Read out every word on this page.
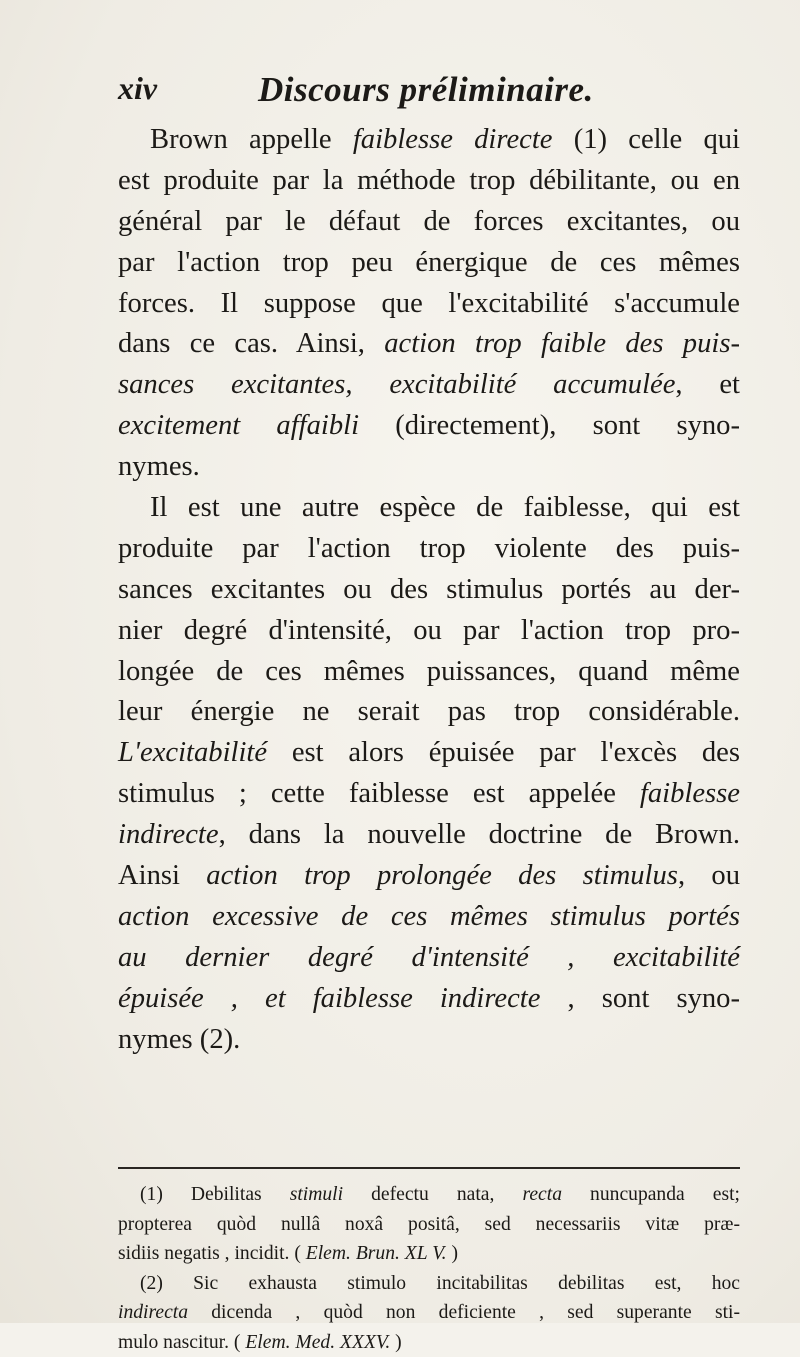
xiv	Discours préliminaire.
Brown appelle faiblesse directe (1) celle qui
est produite par la méthode trop débilitante, ou en
général par le défaut de forces excitantes, ou
par l'action trop peu énergique de ces mêmes
forces. Il suppose que l'excitabilité s'accumule
dans ce cas. Ainsi, action trop faible des puis-
sances excitantes, excitabilité accumulée, et
excitement affaibli (directement), sont syno-
nymes.
Il est une autre espèce de faiblesse, qui est
produite par l'action trop violente des puis-
sances excitantes ou des stimulus portés au der-
nier degré d'intensité, ou par l'action trop pro-
longée de ces mêmes puissances, quand même
leur énergie ne serait pas trop considérable.
L'excitabilité est alors épuisée par l'excès des
stimulus ; cette faiblesse est appelée faiblesse
indirecte, dans la nouvelle doctrine de Brown.
Ainsi action trop prolongée des stimulus, ou
action excessive de ces mêmes stimulus portés
au dernier degré d'intensité , excitabilité
épuisée , et faiblesse indirecte , sont syno-
nymes (2).
(1) Debilitas stimuli defectu nata, recta nuncupanda est;
propterea quòd nullâ noxâ positâ, sed necessariis vitæ præ-
sidiis negatis , incidit. ( Elem. Brun. XL V. )
(2) Sic exhausta stimulo incitabilitas debilitas est, hoc
indirecta dicenda , quòd non deficiente , sed superante sti-
mulo nascitur. ( Elem. Med. XXXV. )
